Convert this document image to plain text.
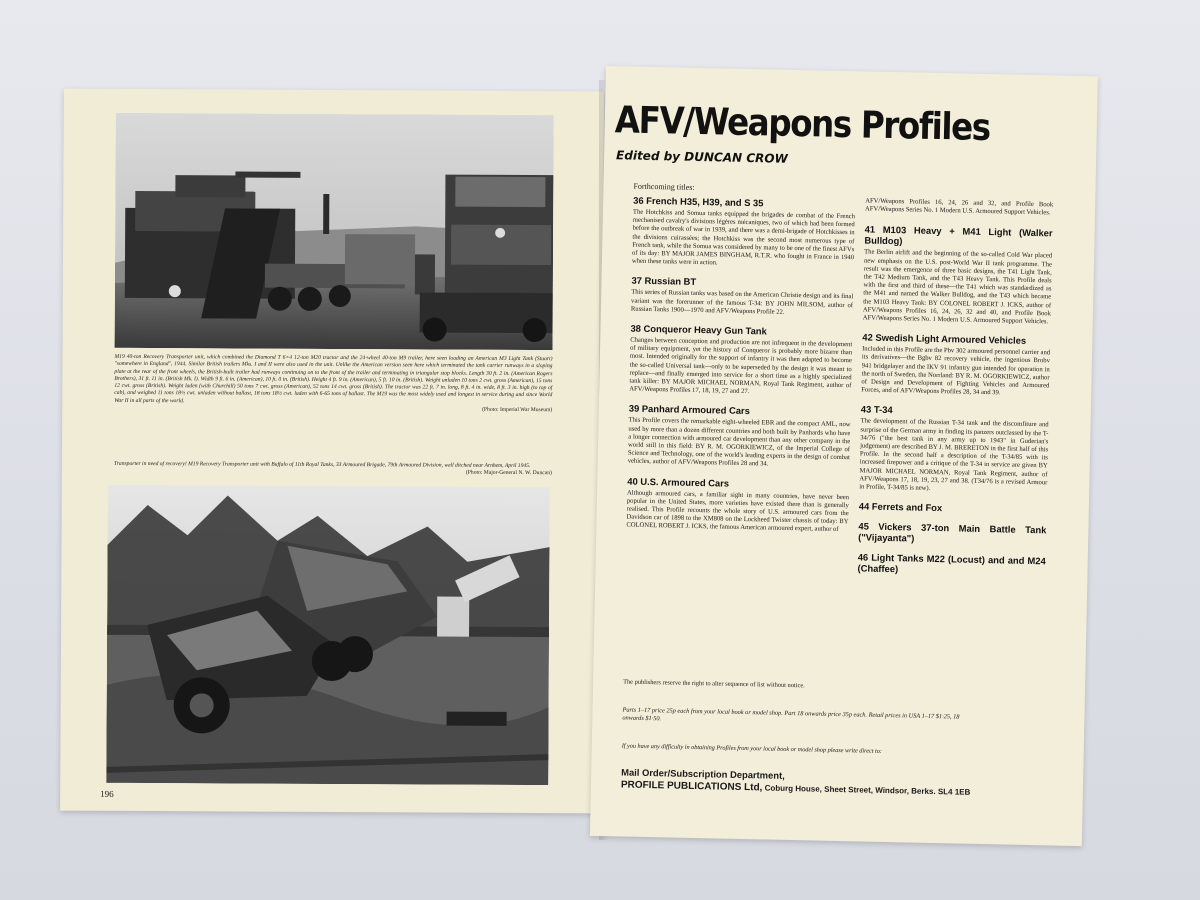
M19 40-ton Recovery Transporter unit, which combined the Diamond T 6×4 12-ton M20 tractor and the 24-wheel 40-ton M9 trailer, here seen loading an American M3 Light Tank (Stuart) "somewhere in England", 1944. Similar British trailers Mks. I and II were also used in the unit. Unlike the American version seen here which terminated the tank carrier runways in a sloping plate at the rear of the front wheels, the British-built trailer had runways continuing on to the front of the trailer and terminating in triangular stop blocks. Length 30 ft. 2 in. (American Rogers Brothers), 31 ft. 11 in. (British Mk. I). Width 9 ft. 6 in. (American), 10 ft. 0 in. (British). Height 4 ft. 9 in. (American), 5 ft. 10 in. (British). Weight unladen 10 tons 2 cwt. gross (American), 15 tons 12 cwt. gross (British). Weight laden (with Churchill) 50 tons 7 cwt. gross (American), 52 tons 14 cwt. gross (British). The tractor was 22 ft. 7 in. long, 8 ft. 4 in. wide, 8 ft. 3 in. high (to top of cab), and weighed 11 tons 18½ cwt. unladen without ballast, 18 tons 18½ cwt. laden with 6-65 tons of ballast. The M19 was the most widely used and longest in service during and since World War II in all parts of the world.
(Photo: Imperial War Museum)
Transporter in need of recovery! M19 Recovery Transporter unit with Buffalo of 11th Royal Tanks, 33 Armoured Brigade, 79th Armoured Division, well ditched near Arnhem, April 1945.
(Photo: Major-General N. W. Duncan)
196
AFV/Weapons Profiles
Edited by DUNCAN CROW
Forthcoming titles:
36 French H35, H39, and S 35

The Hotchkiss and Somua tanks equipped the brigades de combat of the French mechanised cavalry's divisions légères mécaniques, two of which had been formed before the outbreak of war in 1939, and there was a demi-brigade of Hotchkisses in the divisions cuirassées; the Hotchkiss was the second most numerous type of French tank, while the Somua was considered by many to be one of the finest AFVs of its day: BY MAJOR JAMES BINGHAM, R.T.R. who fought in France in 1940 when these tanks were in action.

37 Russian BT

This series of Russian tanks was based on the American Christie design and its final variant was the forerunner of the famous T-34: BY JOHN MILSOM, author of Russian Tanks 1900—1970 and AFV/Weapons Profile 22.

38 Conqueror Heavy Gun Tank

Changes between conception and production are not infrequent in the development of military equipment, yet the history of Conqueror is probably more bizarre than most. Intended originally for the support of infantry it was then adapted to become the so-called Universal tank—only to be superseded by the design it was meant to replace—and finally emerged into service for a short time as a highly specialized tank killer: BY MAJOR MICHAEL NORMAN, Royal Tank Regiment, author of AFV/Weapons Profiles 17, 18, 19, 27 and 27.

39 Panhard Armoured Cars

This Profile covers the remarkable eight-wheeled EBR and the compact AML, now used by more than a dozen different countries and both built by Panhards who have a longer connection with armoured car development than any other company in the world still in this field: BY R. M. OGORKIEWICZ, of the Imperial College of Science and Technology, one of the world's leading experts in the design of combat vehicles, author of AFV/Weapons Profiles 28 and 34.

40 U.S. Armoured Cars

Although armoured cars, a familiar sight in many countries, have never been popular in the United States, more varieties have existed there than is generally realised. This Profile recounts the whole story of U.S. armoured cars from the Davidson car of 1898 to the XM808 on the Lockheed Twister chassis of today: BY COLONEL ROBERT J. ICKS, the famous American armoured expert, author of

AFV/Weapons Profiles 16, 24, 26 and 32, and Profile Book AFV/Weapons Series No. 1 Modern U.S. Armoured Support Vehicles.

41 M103 Heavy + M41 Light (Walker Bulldog)

The Berlin airlift and the beginning of the so-called Cold War placed new emphasis on the U.S. post-World War II tank programme. The result was the emergence of three basic designs, the T41 Light Tank, the T42 Medium Tank, and the T43 Heavy Tank. This Profile deals with the first and third of these—the T41 which was standardized as the M41 and named the Walker Bulldog, and the T43 which became the M103 Heavy Tank: BY COLONEL ROBERT J. ICKS, author of AFV/Weapons Profiles 16, 24, 26, 32 and 40, and Profile Book AFV/Weapons Series No. 1 Modern U.S. Armoured Support Vehicles.

42 Swedish Light Armoured Vehicles

Included in this Profile are the Pbv 302 armoured personnel carrier and its derivatives—the Bgbv 82 recovery vehicle, the ingenious Brobv 941 bridgelayer and the IKV 91 infantry gun intended for operation in the north of Sweden, the Norrland: BY R. M. OGORKIEWICZ, author of Design and Development of Fighting Vehicles and Armoured Forces, and of AFV/Weapons Profiles 28, 34 and 39.

43 T-34

The development of the Russian T-34 tank and the discomfiture and surprise of the German army in finding its panzers outclassed by the T-34/76 ("the best tank in any army up to 1943" in Guderian's judgement) are described BY J. M. BRERETON in the first half of this Profile. In the second half a description of the T-34/85 with its increased firepower and a critique of the T-34 in service are given BY MAJOR MICHAEL NORMAN, Royal Tank Regiment, author of AFV/Weapons 17, 18, 19, 23, 27 and 38. (T34/76 is a revised Armour in Profile, T-34/85 is new).

44 Ferrets and Fox
45 Vickers 37-ton Main Battle Tank ("Vijayanta")
46 Light Tanks M22 (Locust) and and M24 (Chaffee)
The publishers reserve the right to alter sequence of list without notice.
Parts 1–17 price 25p each from your local book or model shop. Part 18 onwards price 35p each. Retail prices in USA 1–17 $1·25, 18 onwards $1·50.
If you have any difficulty in obtaining Profiles from your local book or model shop please write direct to:
Mail Order/Subscription Department,
PROFILE PUBLICATIONS Ltd, Coburg House, Sheet Street, Windsor, Berks. SL4 1EB
